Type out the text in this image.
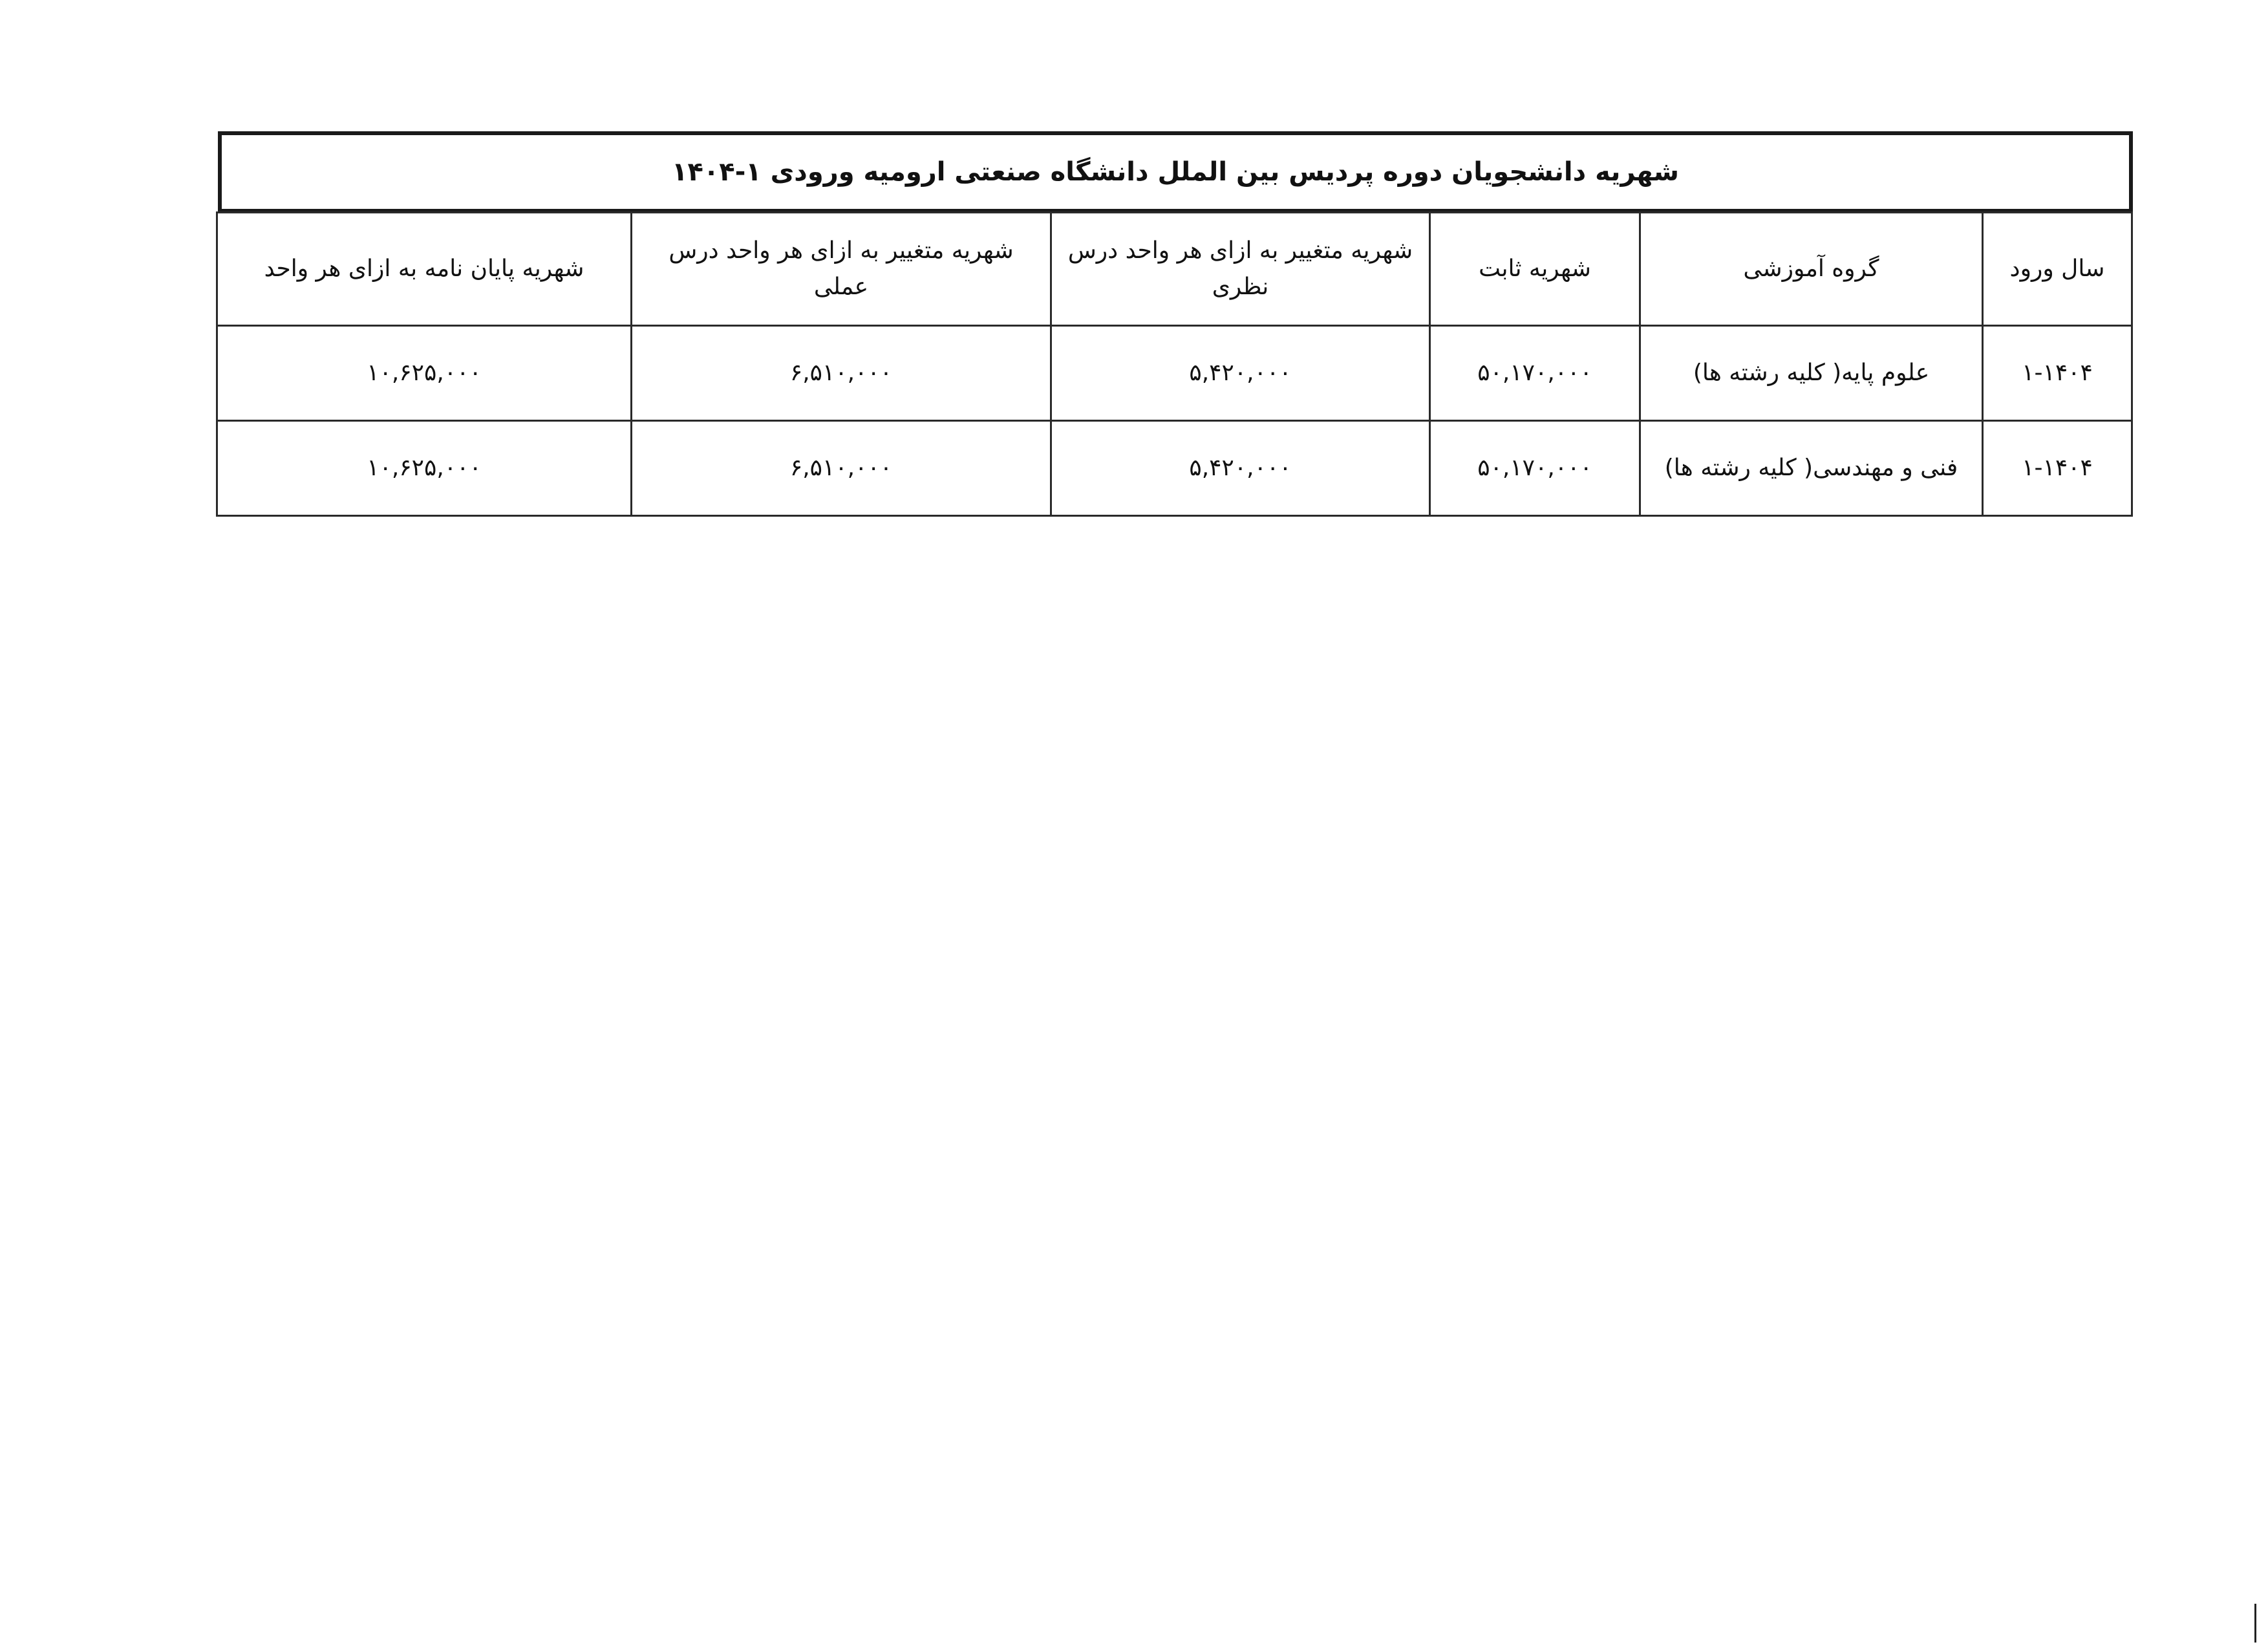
شهریه دانشجویان دوره پردیس بین الملل دانشگاه صنعتی ارومیه ورودی ۱-۱۴۰۴
سال ورود	گروه آموزشی	شهریه ثابت	شهریه متغییر به ازای هر واحد درس نظری	شهریه متغییر به ازای هر واحد درس عملی	شهریه پایان نامه به ازای هر واحد
۱-۱۴۰۴	علوم پایه( کلیه رشته ها)	۵۰,۱۷۰,۰۰۰	۵,۴۲۰,۰۰۰	۶,۵۱۰,۰۰۰	۱۰,۶۲۵,۰۰۰
۱-۱۴۰۴	فنی و مهندسی( کلیه رشته ها)	۵۰,۱۷۰,۰۰۰	۵,۴۲۰,۰۰۰	۶,۵۱۰,۰۰۰	۱۰,۶۲۵,۰۰۰
